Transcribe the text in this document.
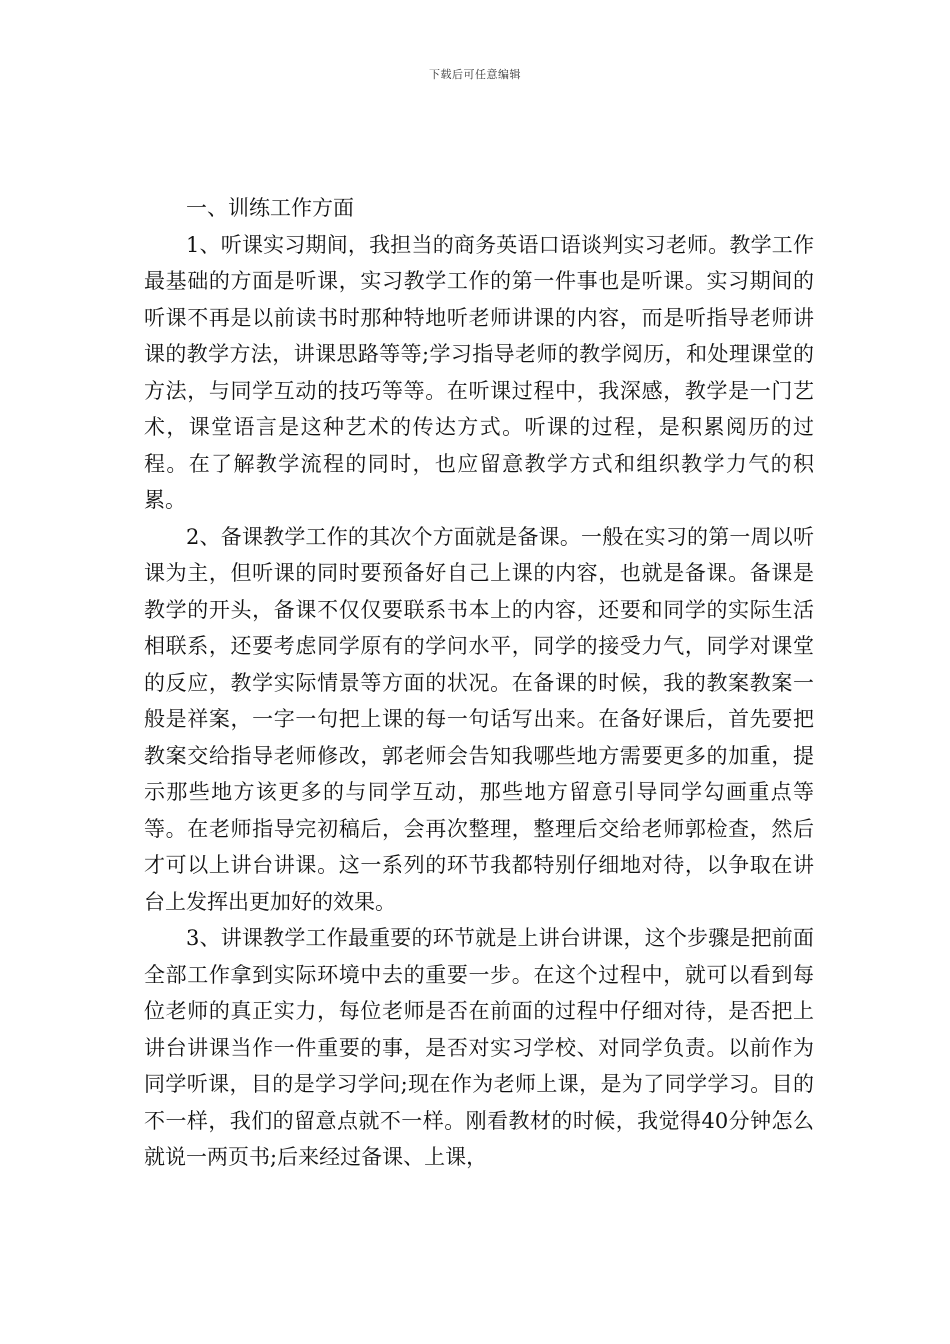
下载后可任意编辑

一、训练工作方面

1、听课实习期间，我担当的商务英语口语谈判实习老师。教学工作最基础的方面是听课，实习教学工作的第一件事也是听课。实习期间的听课不再是以前读书时那种特地听老师讲课的内容，而是听指导老师讲课的教学方法，讲课思路等等;学习指导老师的教学阅历，和处理课堂的方法，与同学互动的技巧等等。在听课过程中，我深感，教学是一门艺术，课堂语言是这种艺术的传达方式。听课的过程，是积累阅历的过程。在了解教学流程的同时，也应留意教学方式和组织教学力气的积累。

2、备课教学工作的其次个方面就是备课。一般在实习的第一周以听课为主，但听课的同时要预备好自己上课的内容，也就是备课。备课是教学的开头，备课不仅仅要联系书本上的内容，还要和同学的实际生活相联系，还要考虑同学原有的学问水平，同学的接受力气，同学对课堂的反应，教学实际情景等方面的状况。在备课的时候，我的教案教案一般是祥案，一字一句把上课的每一句话写出来。在备好课后，首先要把教案交给指导老师修改，郭老师会告知我哪些地方需要更多的加重，提示那些地方该更多的与同学互动，那些地方留意引导同学勾画重点等等。在老师指导完初稿后，会再次整理，整理后交给老师郭检查，然后才可以上讲台讲课。这一系列的环节我都特别仔细地对待，以争取在讲台上发挥出更加好的效果。

3、讲课教学工作最重要的环节就是上讲台讲课，这个步骤是把前面全部工作拿到实际环境中去的重要一步。在这个过程中，就可以看到每位老师的真正实力，每位老师是否在前面的过程中仔细对待，是否把上讲台讲课当作一件重要的事，是否对实习学校、对同学负责。以前作为同学听课，目的是学习学问;现在作为老师上课，是为了同学学习。目的不一样，我们的留意点就不一样。刚看教材的时候，我觉得40分钟怎么就说一两页书;后来经过备课、上课，
